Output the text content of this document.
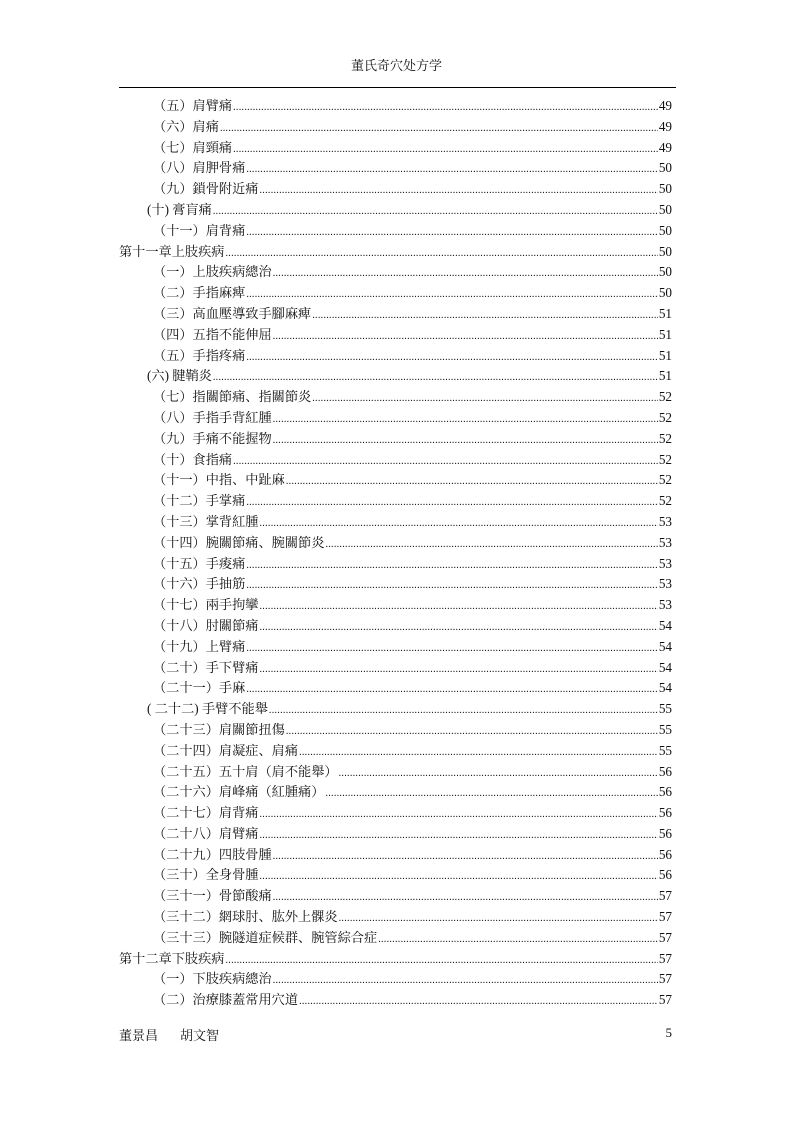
董氏奇穴处方学
（五）肩臂痛 .....	49
（六）肩痛 .....	49
（七）肩頸痛 .....	49
（八）肩胛骨痛 .....	50
（九）鎖骨附近痛 .....	50
(十) 膏肓痛 .....	50
（十一）肩背痛 .....	50
第十一章上肢疾病 .....	50
（一）上肢疾病總治 .....	50
（二）手指麻痺 .....	50
（三）高血壓導致手腳麻痺 .....	51
（四）五指不能伸屈 .....	51
（五）手指疼痛 .....	51
(六) 腱鞘炎 .....	51
（七）指關節痛、指關節炎 .....	52
（八）手指手背紅腫 .....	52
（九）手痛不能握物 .....	52
（十）食指痛 .....	52
（十一）中指、中趾麻 .....	52
（十二）手掌痛 .....	52
（十三）掌背紅腫 .....	53
（十四）腕關節痛、腕關節炎 .....	53
（十五）手痠痛 .....	53
（十六）手抽筋 .....	53
（十七）兩手拘攣 .....	53
（十八）肘關節痛 .....	54
（十九）上臂痛 .....	54
（二十）手下臂痛 .....	54
（二十一）手麻 .....	54
( 二十二) 手臂不能舉 .....	55
（二十三）肩關節扭傷 .....	55
（二十四）肩凝症、肩痛 .....	55
（二十五）五十肩（肩不能舉） .....	56
（二十六）肩峰痛（紅腫痛） .....	56
（二十七）肩背痛 .....	56
（二十八）肩臂痛 .....	56
（二十九）四肢骨腫 .....	56
（三十）全身骨腫 .....	56
（三十一）骨節酸痛 .....	57
（三十二）網球肘、肱外上髁炎 .....	57
（三十三）腕隧道症候群、腕管綜合症 .....	57
第十二章下肢疾病 .....	57
（一）下肢疾病總治 .....	57
（二）治療膝蓋常用穴道 .....	57
董景昌 胡文智	5
